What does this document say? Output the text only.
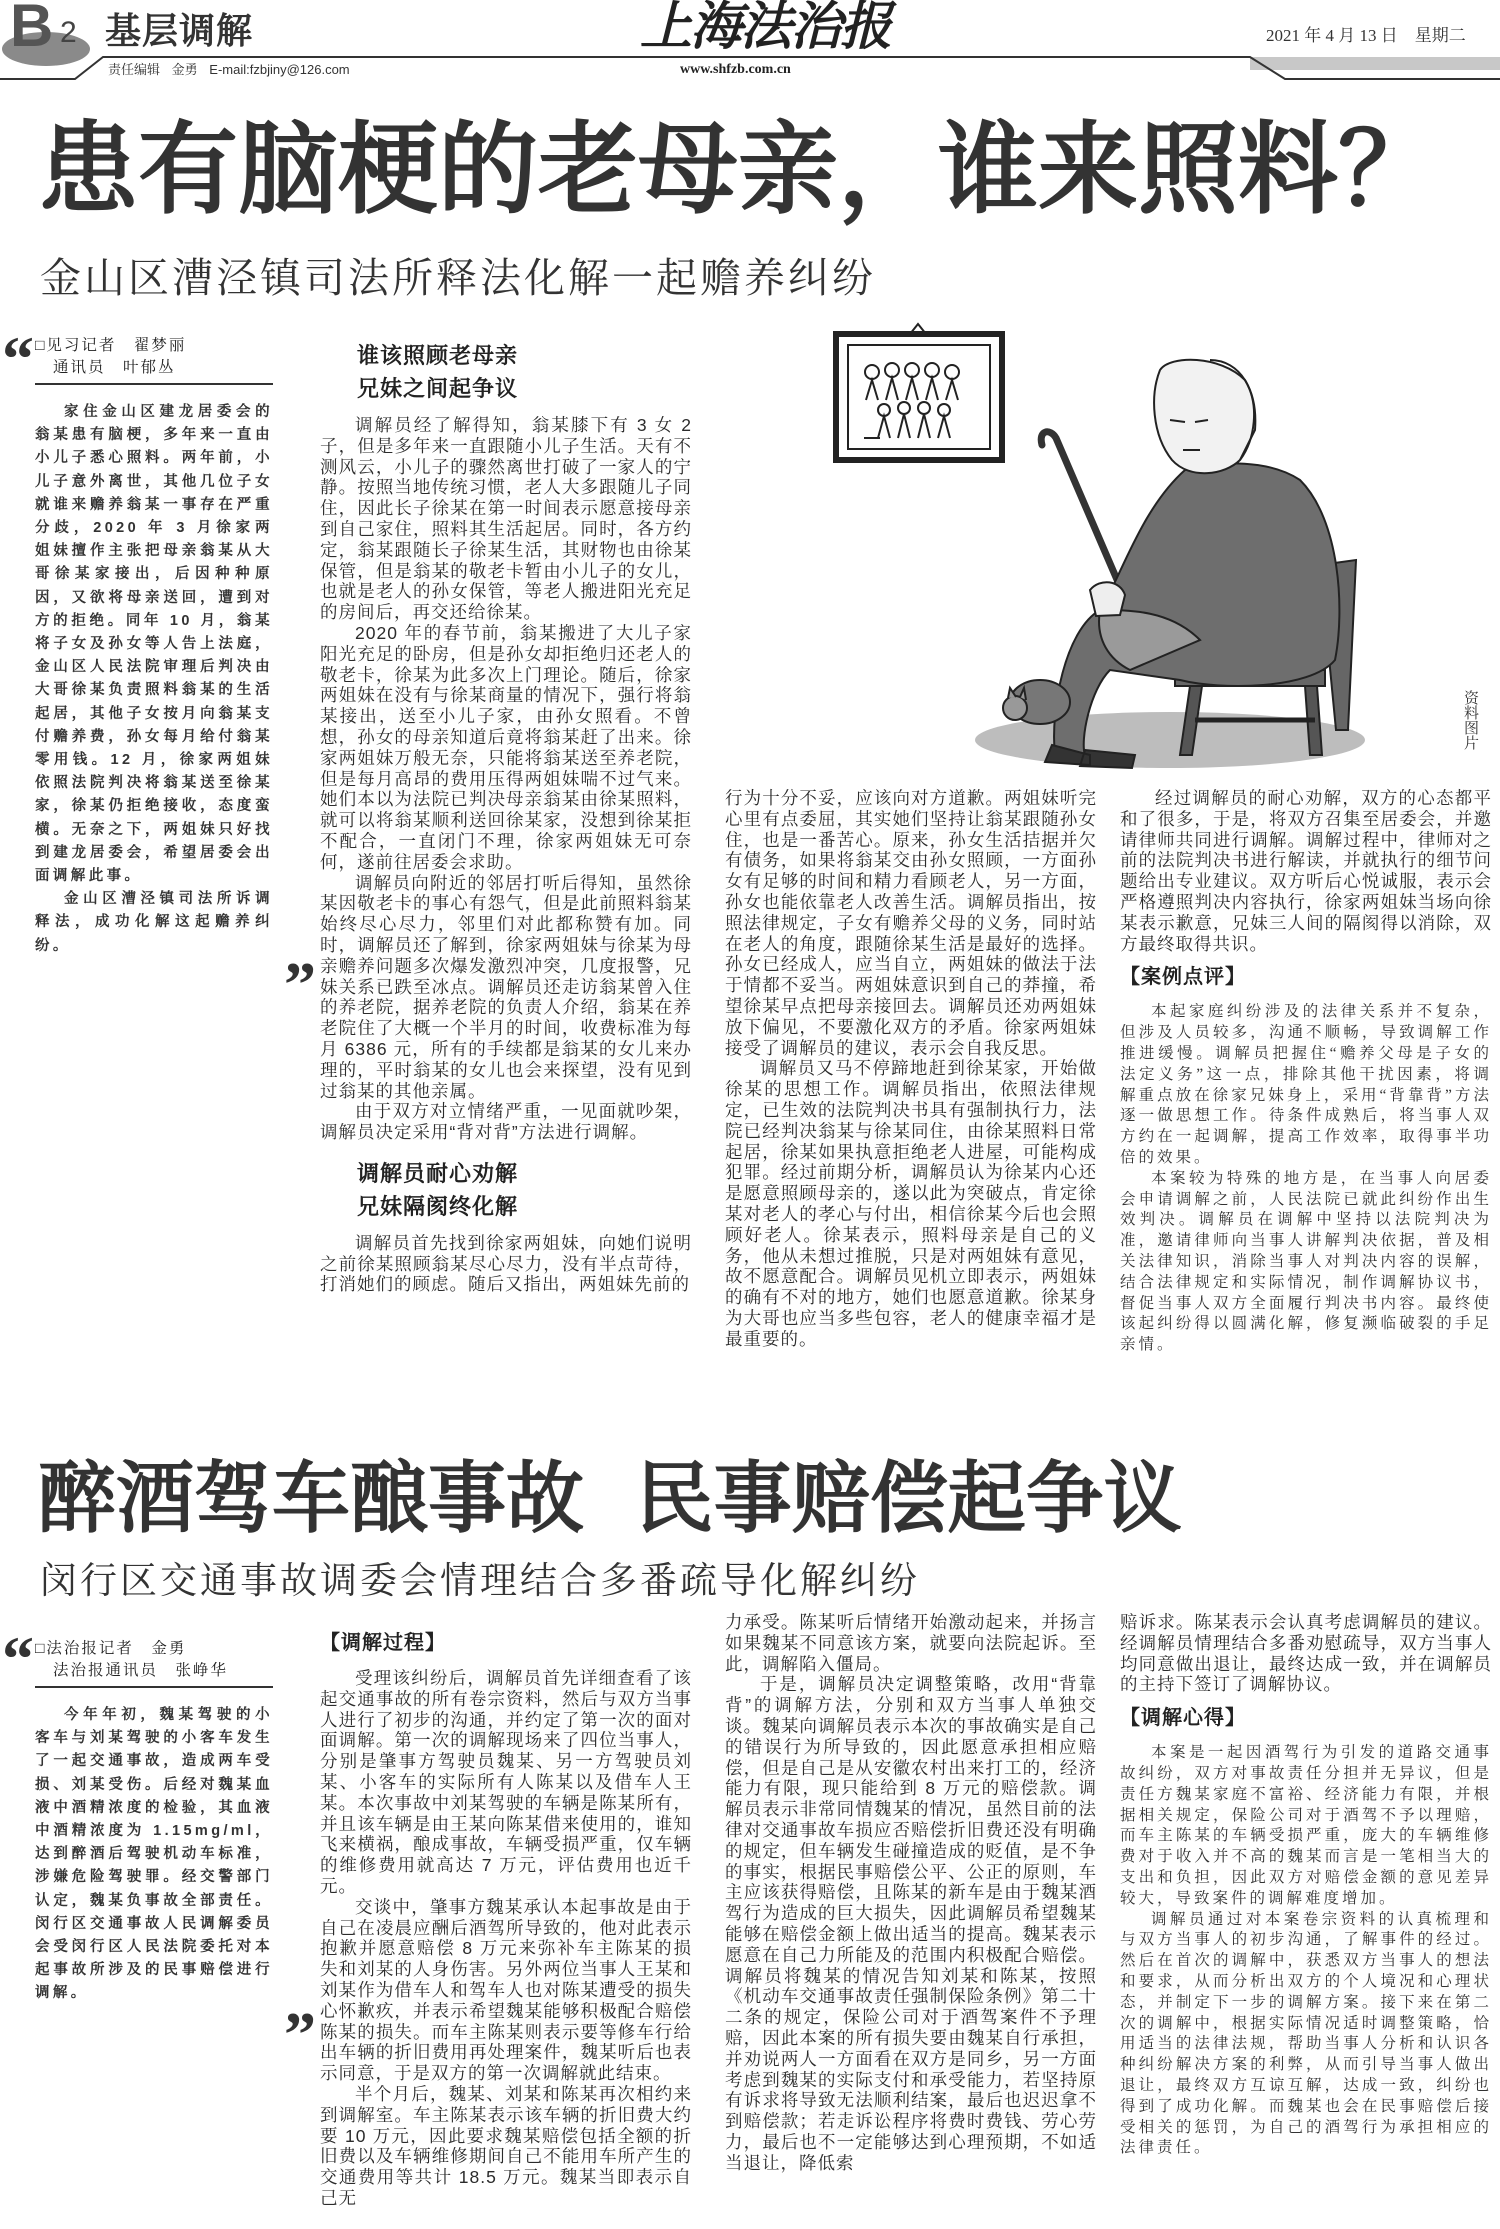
B 2 基层调解	上海法治报	2021 年 4 月 13 日　星期二
责任编辑 金勇 E-mail:fzbjiny@126.com	www.shfzb.com.cn
患有脑梗的老母亲，谁来照料？
金山区漕泾镇司法所释法化解一起赡养纠纷
“
□见习记者　翟梦丽
通讯员　叶郁丛

家住金山区建龙居委会的翁某患有脑梗，多年来一直由小儿子悉心照料。两年前，小儿子意外离世，其他几位子女就谁来赡养翁某一事存在严重分歧，2020 年 3 月徐家两姐妹擅作主张把母亲翁某从大哥徐某家接出，后因种种原因，又欲将母亲送回，遭到对方的拒绝。同年 10 月，翁某将子女及孙女等人告上法庭，金山区人民法院审理后判决由大哥徐某负责照料翁某的生活起居，其他子女按月向翁某支付赡养费，孙女每月给付翁某零用钱。12 月，徐家两姐妹依照法院判决将翁某送至徐某家，徐某仍拒绝接收，态度蛮横。无奈之下，两姐妹只好找到建龙居委会，希望居委会出面调解此事。

金山区漕泾镇司法所诉调释法，成功化解这起赡养纠纷。

”
谁该照顾老母亲
兄妹之间起争议

调解员经了解得知，翁某膝下有 3 女 2 子，但是多年来一直跟随小儿子生活。天有不测风云，小儿子的骤然离世打破了一家人的宁静。按照当地传统习惯，老人大多跟随儿子同住，因此长子徐某在第一时间表示愿意接母亲到自己家住，照料其生活起居。同时，各方约定，翁某跟随长子徐某生活，其财物也由徐某保管，但是翁某的敬老卡暂由小儿子的女儿，也就是老人的孙女保管，等老人搬进阳光充足的房间后，再交还给徐某。

2020 年的春节前，翁某搬进了大儿子家阳光充足的卧房，但是孙女却拒绝归还老人的敬老卡，徐某为此多次上门理论。随后，徐家两姐妹在没有与徐某商量的情况下，强行将翁某接出，送至小儿子家，由孙女照看。不曾想，孙女的母亲知道后竟将翁某赶了出来。徐家两姐妹万般无奈，只能将翁某送至养老院，但是每月高昂的费用压得两姐妹喘不过气来。她们本以为法院已判决母亲翁某由徐某照料，就可以将翁某顺利送回徐某家，没想到徐某拒不配合，一直闭门不理，徐家两姐妹无可奈何，遂前往居委会求助。

调解员向附近的邻居打听后得知，虽然徐某因敬老卡的事心有怨气，但是此前照料翁某始终尽心尽力，邻里们对此都称赞有加。同时，调解员还了解到，徐家两姐妹与徐某为母亲赡养问题多次爆发激烈冲突，几度报警，兄妹关系已跌至冰点。调解员还走访翁某曾入住的养老院，据养老院的负责人介绍，翁某在养老院住了大概一个半月的时间，收费标准为每月 6386 元，所有的手续都是翁某的女儿来办理的，平时翁某的女儿也会来探望，没有见到过翁某的其他亲属。

由于双方对立情绪严重，一见面就吵架，调解员决定采用“背对背”方法进行调解。

调解员耐心劝解
兄妹隔阂终化解

调解员首先找到徐家两姐妹，向她们说明之前徐某照顾翁某尽心尽力，没有半点苛待，打消她们的顾虑。随后又指出，两姐妹先前的

资料图片

行为十分不妥，应该向对方道歉。两姐妹听完心里有点委屈，其实她们坚持让翁某跟随孙女住，也是一番苦心。原来，孙女生活拮据并欠有债务，如果将翁某交由孙女照顾，一方面孙女有足够的时间和精力看顾老人，另一方面，孙女也能依靠老人改善生活。调解员指出，按照法律规定，子女有赡养父母的义务，同时站在老人的角度，跟随徐某生活是最好的选择。孙女已经成人，应当自立，两姐妹的做法于法于情都不妥当。两姐妹意识到自己的莽撞，希望徐某早点把母亲接回去。调解员还劝两姐妹放下偏见，不要激化双方的矛盾。徐家两姐妹接受了调解员的建议，表示会自我反思。

调解员又马不停蹄地赶到徐某家，开始做徐某的思想工作。调解员指出，依照法律规定，已生效的法院判决书具有强制执行力，法院已经判决翁某与徐某同住，由徐某照料日常起居，徐某如果执意拒绝老人进屋，可能构成犯罪。经过前期分析，调解员认为徐某内心还是愿意照顾母亲的，遂以此为突破点，肯定徐某对老人的孝心与付出，相信徐某今后也会照顾好老人。徐某表示，照料母亲是自己的义务，他从未想过推脱，只是对两姐妹有意见，故不愿意配合。调解员见机立即表示，两姐妹的确有不对的地方，她们也愿意道歉。徐某身为大哥也应当多些包容，老人的健康幸福才是最重要的。

经过调解员的耐心劝解，双方的心态都平和了很多，于是，将双方召集至居委会，并邀请律师共同进行调解。调解过程中，律师对之前的法院判决书进行解读，并就执行的细节问题给出专业建议。双方听后心悦诚服，表示会严格遵照判决内容执行，徐家两姐妹当场向徐某表示歉意，兄妹三人间的隔阂得以消除，双方最终取得共识。

【案例点评】

本起家庭纠纷涉及的法律关系并不复杂，但涉及人员较多，沟通不顺畅，导致调解工作推进缓慢。调解员把握住“赡养父母是子女的法定义务”这一点，排除其他干扰因素，将调解重点放在徐家兄妹身上，采用“背靠背”方法逐一做思想工作。待条件成熟后，将当事人双方约在一起调解，提高工作效率，取得事半功倍的效果。

本案较为特殊的地方是，在当事人向居委会申请调解之前，人民法院已就此纠纷作出生效判决。调解员在调解中坚持以法院判决为准，邀请律师向当事人讲解判决依据，普及相关法律知识，消除当事人对判决内容的误解，结合法律规定和实际情况，制作调解协议书，督促当事人双方全面履行判决书内容。最终使该起纠纷得以圆满化解，修复濒临破裂的手足亲情。

醉酒驾车酿事故 民事赔偿起争议
闵行区交通事故调委会情理结合多番疏导化解纠纷
“
□法治报记者　金勇
法治报通讯员　张峥华

今年年初，魏某驾驶的小客车与刘某驾驶的小客车发生了一起交通事故，造成两车受损、刘某受伤。后经对魏某血液中酒精浓度的检验，其血液中酒精浓度为 1.15mg/ml，达到醉酒后驾驶机动车标准，涉嫌危险驾驶罪。经交警部门认定，魏某负事故全部责任。闵行区交通事故人民调解委员会受闵行区人民法院委托对本起事故所涉及的民事赔偿进行调解。

”
【调解过程】

受理该纠纷后，调解员首先详细查看了该起交通事故的所有卷宗资料，然后与双方当事人进行了初步的沟通，并约定了第一次的面对面调解。第一次的调解现场来了四位当事人，分别是肇事方驾驶员魏某、另一方驾驶员刘某、小客车的实际所有人陈某以及借车人王某。本次事故中刘某驾驶的车辆是陈某所有，并且该车辆是由王某向陈某借来使用的，谁知飞来横祸，酿成事故，车辆受损严重，仅车辆的维修费用就高达 7 万元，评估费用也近千元。

交谈中，肇事方魏某承认本起事故是由于自己在凌晨应酬后酒驾所导致的，他对此表示抱歉并愿意赔偿 8 万元来弥补车主陈某的损失和刘某的人身伤害。另外两位当事人王某和刘某作为借车人和驾车人也对陈某遭受的损失心怀歉疚，并表示希望魏某能够积极配合赔偿陈某的损失。而车主陈某则表示要等修车行给出车辆的折旧费用再处理案件，魏某听后也表示同意，于是双方的第一次调解就此结束。

半个月后，魏某、刘某和陈某再次相约来到调解室。车主陈某表示该车辆的折旧费大约要 10 万元，因此要求魏某赔偿包括全额的折旧费以及车辆维修期间自己不能用车所产生的交通费用等共计 18.5 万元。魏某当即表示自己无

力承受。陈某听后情绪开始激动起来，并扬言如果魏某不同意该方案，就要向法院起诉。至此，调解陷入僵局。

于是，调解员决定调整策略，改用“背靠背”的调解方法，分别和双方当事人单独交谈。魏某向调解员表示本次的事故确实是自己的错误行为所导致的，因此愿意承担相应赔偿，但是自己是从安徽农村出来打工的，经济能力有限，现只能给到 8 万元的赔偿款。调解员表示非常同情魏某的情况，虽然目前的法律对交通事故车损应否赔偿折旧费还没有明确的规定，但车辆发生碰撞造成的贬值，是不争的事实，根据民事赔偿公平、公正的原则，车主应该获得赔偿，且陈某的新车是由于魏某酒驾行为造成的巨大损失，因此调解员希望魏某能够在赔偿金额上做出适当的提高。魏某表示愿意在自己力所能及的范围内积极配合赔偿。调解员将魏某的情况告知刘某和陈某，按照《机动车交通事故责任强制保险条例》第二十二条的规定，保险公司对于酒驾案件不予理赔，因此本案的所有损失要由魏某自行承担，并劝说两人一方面看在双方是同乡，另一方面考虑到魏某的实际支付和承受能力，若坚持原有诉求将导致无法顺利结案，最后也迟迟拿不到赔偿款；若走诉讼程序将费时费钱、劳心劳力，最后也不一定能够达到心理预期，不如适当退让，降低索

赔诉求。陈某表示会认真考虑调解员的建议。经调解员情理结合多番劝慰疏导，双方当事人均同意做出退让，最终达成一致，并在调解员的主持下签订了调解协议。

【调解心得】

本案是一起因酒驾行为引发的道路交通事故纠纷，双方对事故责任分担并无异议，但是责任方魏某家庭不富裕、经济能力有限，并根据相关规定，保险公司对于酒驾不予以理赔，而车主陈某的车辆受损严重，庞大的车辆维修费对于收入并不高的魏某而言是一笔相当大的支出和负担，因此双方对赔偿金额的意见差异较大，导致案件的调解难度增加。

调解员通过对本案卷宗资料的认真梳理和与双方当事人的初步沟通，了解事件的经过。然后在首次的调解中，获悉双方当事人的想法和要求，从而分析出双方的个人境况和心理状态，并制定下一步的调解方案。接下来在第二次的调解中，根据实际情况适时调整策略，恰用适当的法律法规，帮助当事人分析和认识各种纠纷解决方案的利弊，从而引导当事人做出退让，最终双方互谅互解，达成一致，纠纷也得到了成功化解。而魏某也会在民事赔偿后接受相关的惩罚，为自己的酒驾行为承担相应的法律责任。
